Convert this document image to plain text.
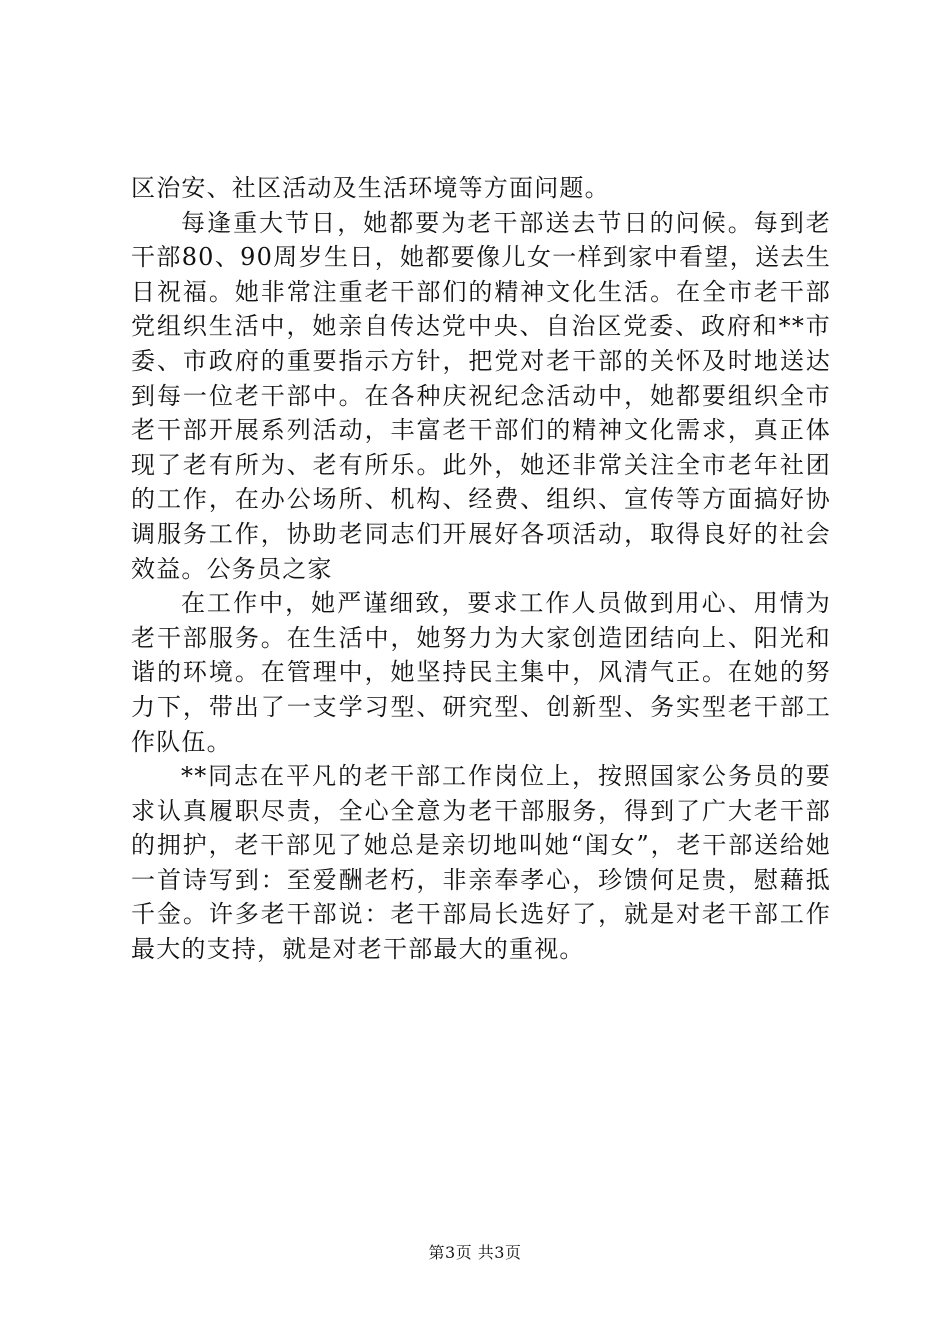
区治安、社区活动及生活环境等方面问题。

每逢重大节日，她都要为老干部送去节日的问候。每到老干部80、90周岁生日，她都要像儿女一样到家中看望，送去生日祝福。她非常注重老干部们的精神文化生活。在全市老干部党组织生活中，她亲自传达党中央、自治区党委、政府和**市委、市政府的重要指示方针，把党对老干部的关怀及时地送达到每一位老干部中。在各种庆祝纪念活动中，她都要组织全市老干部开展系列活动，丰富老干部们的精神文化需求，真正体现了老有所为、老有所乐。此外，她还非常关注全市老年社团的工作，在办公场所、机构、经费、组织、宣传等方面搞好协调服务工作，协助老同志们开展好各项活动，取得良好的社会效益。公务员之家

在工作中，她严谨细致，要求工作人员做到用心、用情为老干部服务。在生活中，她努力为大家创造团结向上、阳光和谐的环境。在管理中，她坚持民主集中，风清气正。在她的努力下，带出了一支学习型、研究型、创新型、务实型老干部工作队伍。

**同志在平凡的老干部工作岗位上，按照国家公务员的要求认真履职尽责，全心全意为老干部服务，得到了广大老干部的拥护，老干部见了她总是亲切地叫她“闺女”，老干部送给她一首诗写到：至爱酬老朽，非亲奉孝心，珍馈何足贵，慰藉抵千金。许多老干部说：老干部局长选好了，就是对老干部工作最大的支持，就是对老干部最大的重视。

第3页 共3页
